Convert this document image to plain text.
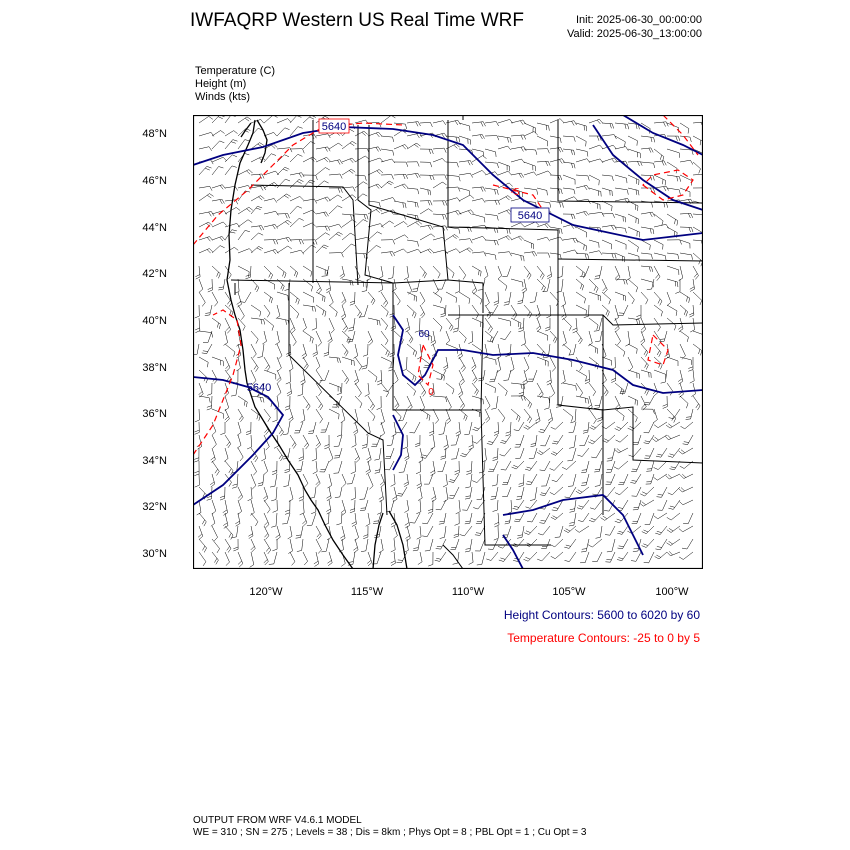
IWFAQRP Western US Real Time WRF	Init: 2025-06-30_00:00:00
Valid: 2025-06-30_13:00:00
Temperature (C)
Height (m)
Winds (kts)
48°N
46°N
44°N
42°N
40°N
38°N
36°N
34°N
32°N
30°N
120°W	115°W	110°W	105°W	100°W
5640
5640
5640
60
0
-5
Height Contours: 5600 to 6020 by 60
Temperature Contours: -25 to 0 by 5
OUTPUT FROM WRF V4.6.1 MODEL
WE = 310 ; SN = 275 ; Levels = 38 ; Dis = 8km ; Phys Opt = 8 ; PBL Opt = 1 ; Cu Opt = 3
